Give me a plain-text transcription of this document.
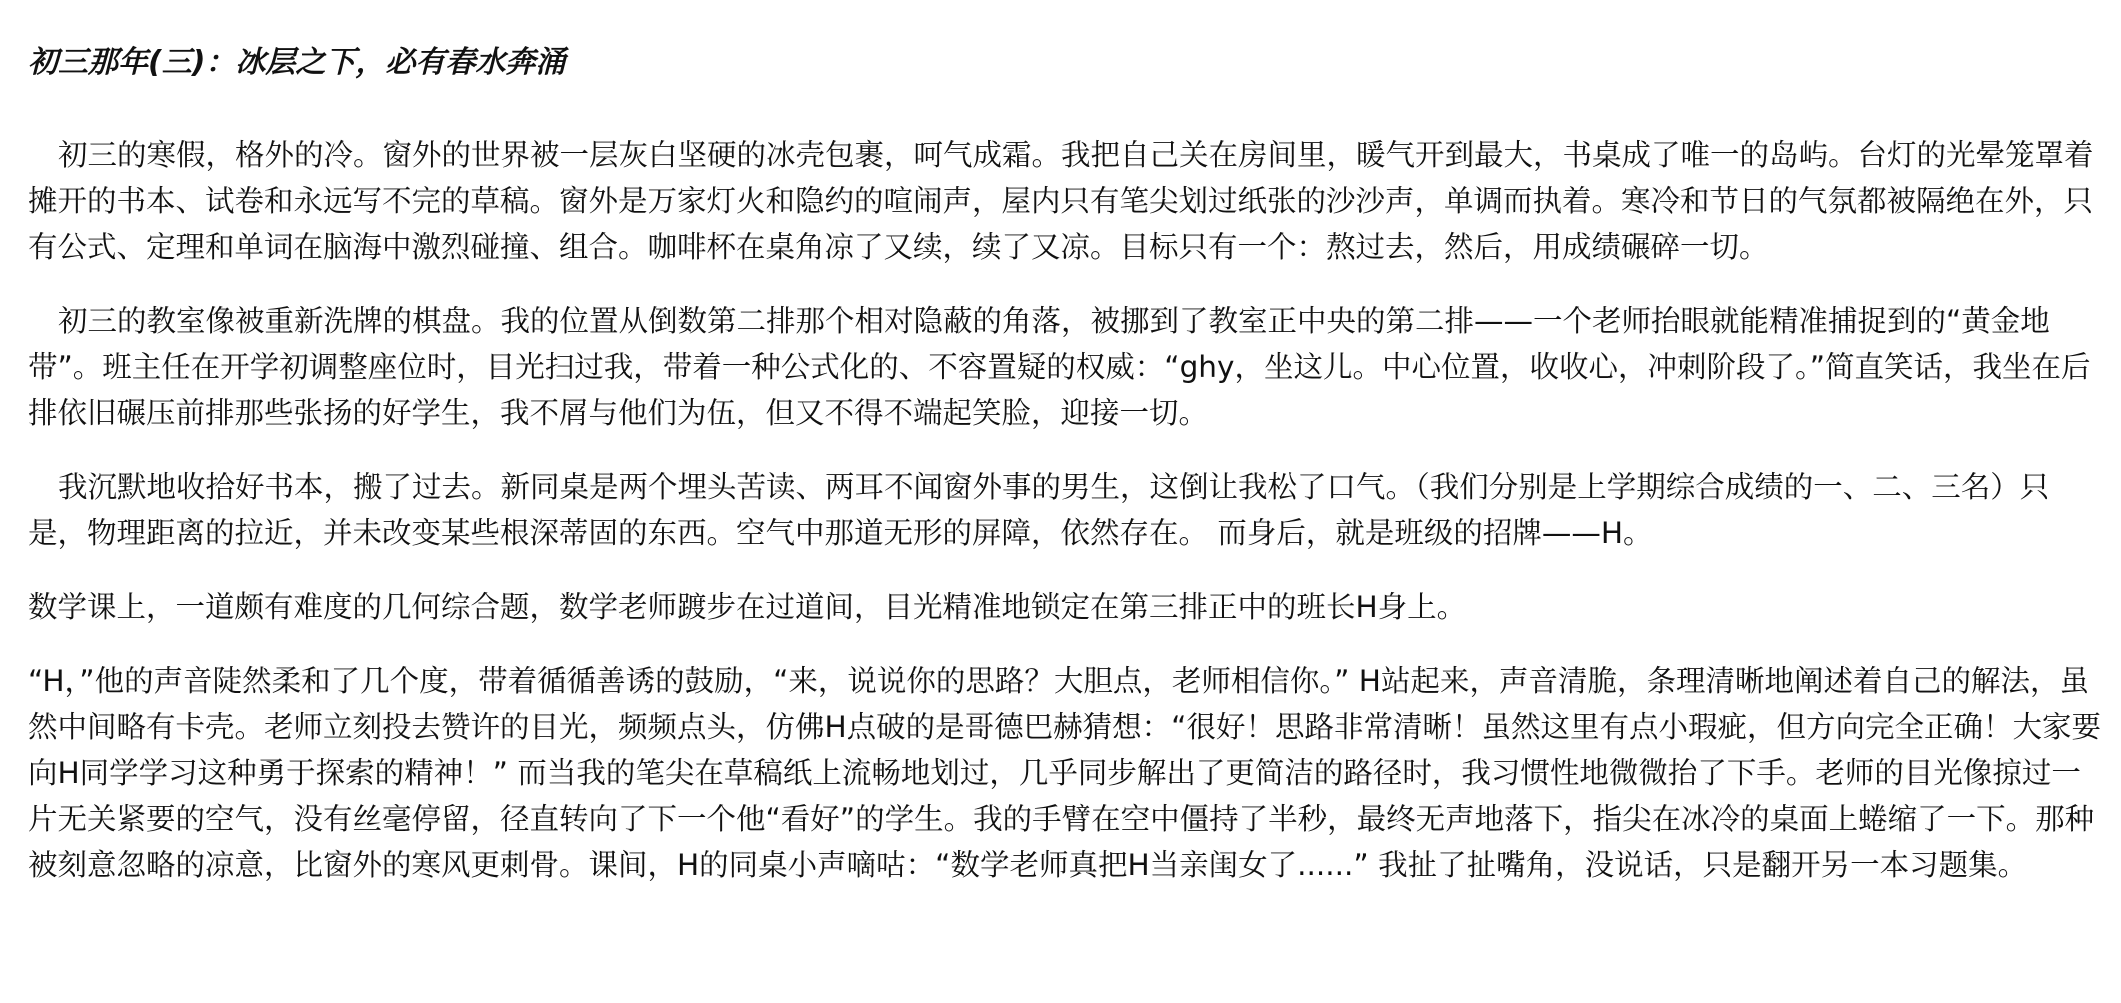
初三那年(三)：冰层之下，必有春水奔涌

初三的寒假，格外的冷。窗外的世界被一层灰白坚硬的冰壳包裹，呵气成霜。我把自己关在房间里，暖气开到最大，书桌成了唯一的岛屿。台灯的光晕笼罩着摊开的书本、试卷和永远写不完的草稿。窗外是万家灯火和隐约的喧闹声，屋内只有笔尖划过纸张的沙沙声，单调而执着。寒冷和节日的气氛都被隔绝在外，只有公式、定理和单词在脑海中激烈碰撞、组合。咖啡杯在桌角凉了又续，续了又凉。目标只有一个：熬过去，然后，用成绩碾碎一切。

初三的教室像被重新洗牌的棋盘。我的位置从倒数第二排那个相对隐蔽的角落，被挪到了教室正中央的第二排——一个老师抬眼就能精准捕捉到的“黄金地带”。班主任在开学初调整座位时，目光扫过我，带着一种公式化的、不容置疑的权威：“ghy，坐这儿。中心位置，收收心，冲刺阶段了。”简直笑话，我坐在后排依旧碾压前排那些张扬的好学生，我不屑与他们为伍，但又不得不端起笑脸，迎接一切。

我沉默地收拾好书本，搬了过去。新同桌是两个埋头苦读、两耳不闻窗外事的男生，这倒让我松了口气。（我们分别是上学期综合成绩的一、二、三名）只是，物理距离的拉近，并未改变某些根深蒂固的东西。空气中那道无形的屏障，依然存在。 而身后，就是班级的招牌——H。

数学课上，一道颇有难度的几何综合题，数学老师踱步在过道间，目光精准地锁定在第三排正中的班长H身上。

“H，”他的声音陡然柔和了几个度，带着循循善诱的鼓励，“来，说说你的思路？大胆点，老师相信你。” H站起来，声音清脆，条理清晰地阐述着自己的解法，虽然中间略有卡壳。老师立刻投去赞许的目光，频频点头，仿佛H点破的是哥德巴赫猜想：“很好！思路非常清晰！虽然这里有点小瑕疵，但方向完全正确！大家要向H同学学习这种勇于探索的精神！” 而当我的笔尖在草稿纸上流畅地划过，几乎同步解出了更简洁的路径时，我习惯性地微微抬了下手。老师的目光像掠过一片无关紧要的空气，没有丝毫停留，径直转向了下一个他“看好”的学生。我的手臂在空中僵持了半秒，最终无声地落下，指尖在冰冷的桌面上蜷缩了一下。那种被刻意忽略的凉意，比窗外的寒风更刺骨。课间，H的同桌小声嘀咕：“数学老师真把H当亲闺女了......” 我扯了扯嘴角，没说话，只是翻开另一本习题集。
